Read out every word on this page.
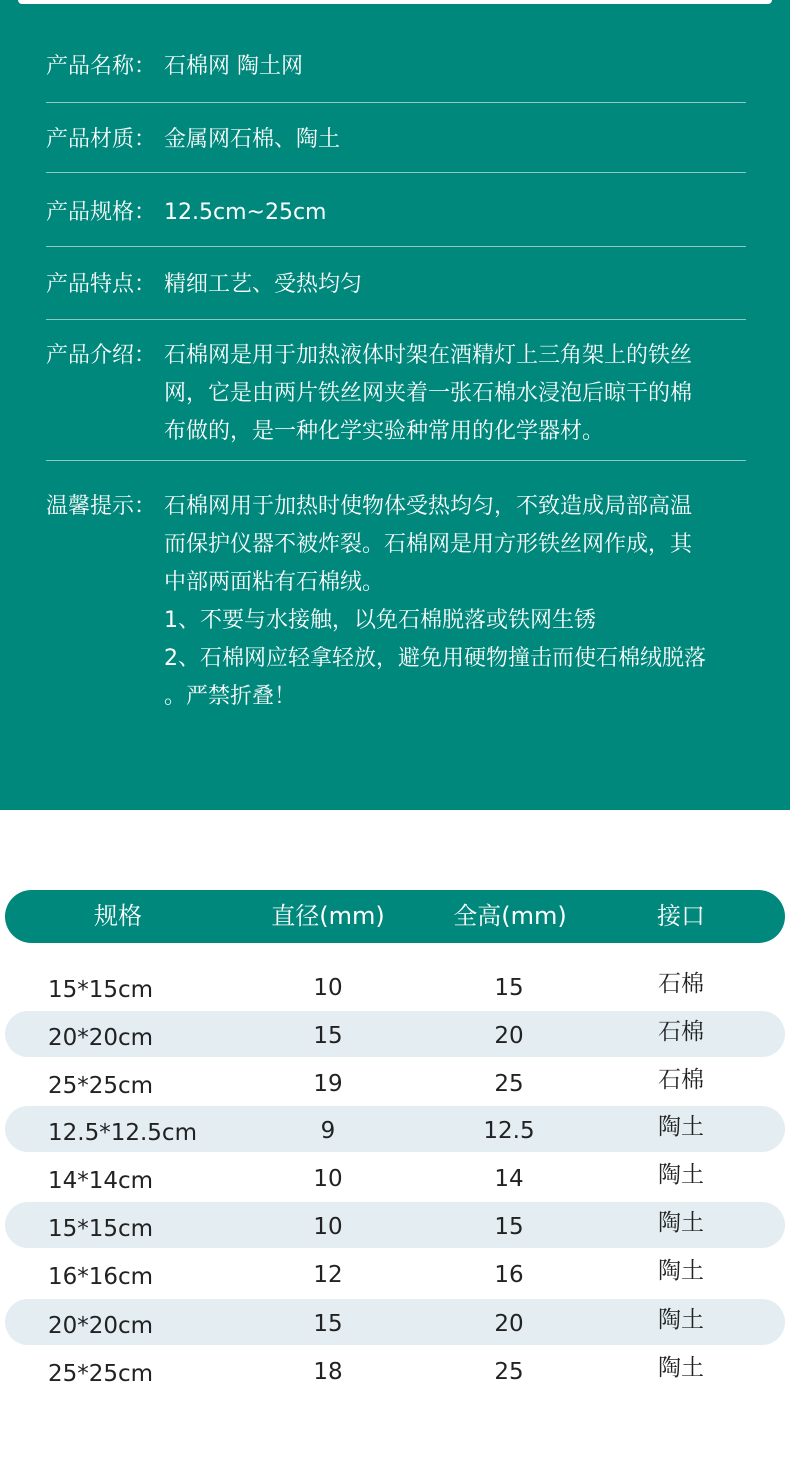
产品名称： 石棉网 陶土网
产品材质： 金属网石棉、陶土
产品规格： 12.5cm~25cm
产品特点： 精细工艺、受热均匀
产品介绍： 石棉网是用于加热液体时架在酒精灯上三角架上的铁丝
网，它是由两片铁丝网夹着一张石棉水浸泡后晾干的棉
布做的，是一种化学实验种常用的化学器材。
温馨提示： 石棉网用于加热时使物体受热均匀，不致造成局部高温
而保护仪器不被炸裂。石棉网是用方形铁丝网作成，其
中部两面粘有石棉绒。
1、不要与水接触，以免石棉脱落或铁网生锈
2、石棉网应轻拿轻放，避免用硬物撞击而使石棉绒脱落
。严禁折叠！
规格	直径(mm)	全高(mm)	接口
15*15cm	10	15	石棉
20*20cm	15	20	石棉
25*25cm	19	25	石棉
12.5*12.5cm	9	12.5	陶土
14*14cm	10	14	陶土
15*15cm	10	15	陶土
16*16cm	12	16	陶土
20*20cm	15	20	陶土
25*25cm	18	25	陶土
